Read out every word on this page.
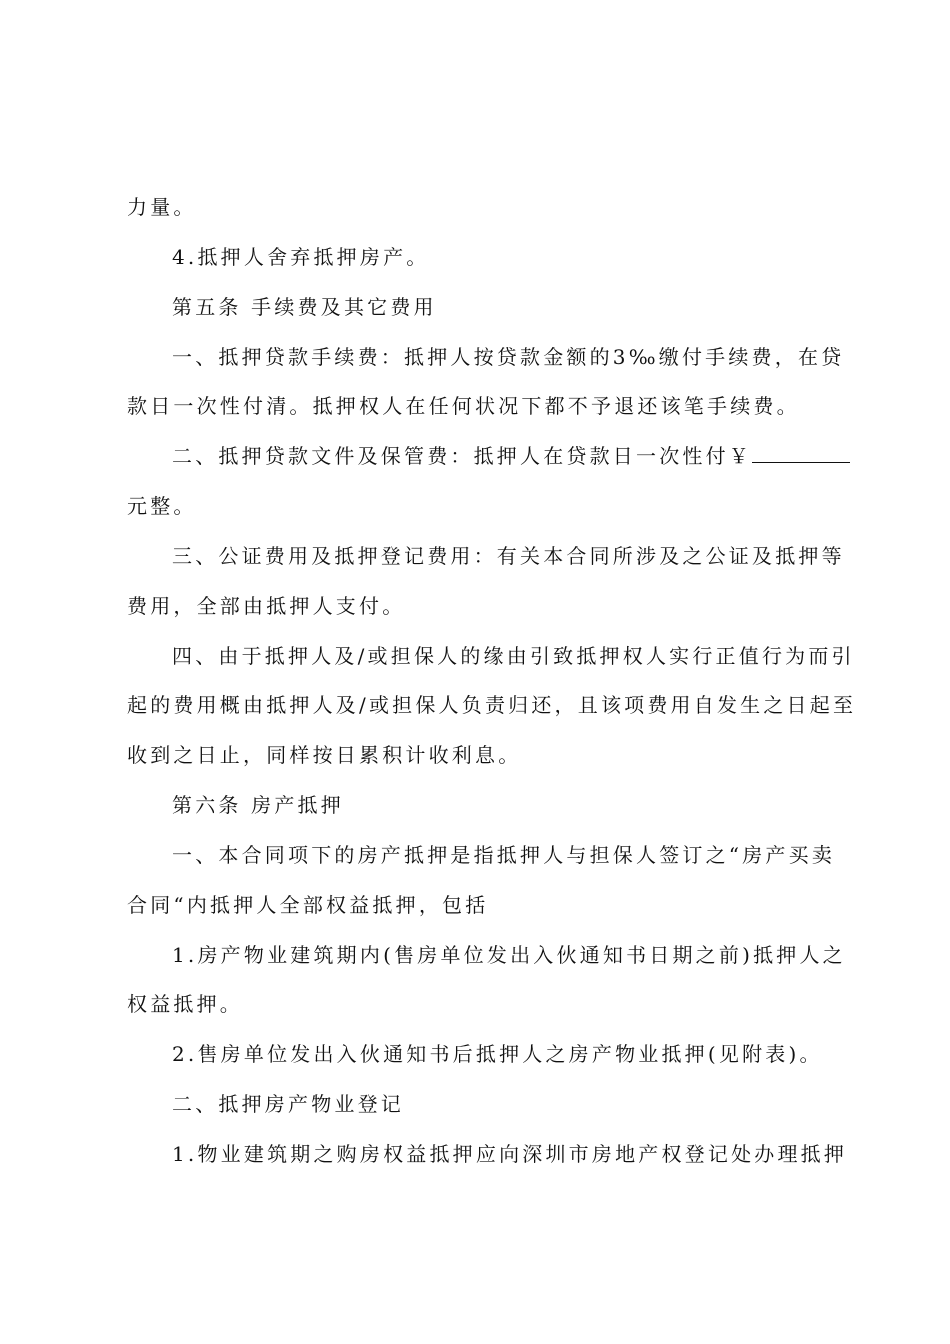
力量。
4.抵押人舍弃抵押房产。
第五条 手续费及其它费用
一、抵押贷款手续费：抵押人按贷款金额的3‰缴付手续费，在贷
款日一次性付清。抵押权人在任何状况下都不予退还该笔手续费。
二、抵押贷款文件及保管费：抵押人在贷款日一次性付￥
元整。
三、公证费用及抵押登记费用：有关本合同所涉及之公证及抵押等
费用，全部由抵押人支付。
四、由于抵押人及/或担保人的缘由引致抵押权人实行正值行为而引
起的费用概由抵押人及/或担保人负责归还，且该项费用自发生之日起至
收到之日止，同样按日累积计收利息。
第六条 房产抵押
一、本合同项下的房产抵押是指抵押人与担保人签订之“房产买卖
合同“内抵押人全部权益抵押，包括
1.房产物业建筑期内(售房单位发出入伙通知书日期之前)抵押人之
权益抵押。
2.售房单位发出入伙通知书后抵押人之房产物业抵押(见附表)。
二、抵押房产物业登记
1.物业建筑期之购房权益抵押应向深圳市房地产权登记处办理抵押
